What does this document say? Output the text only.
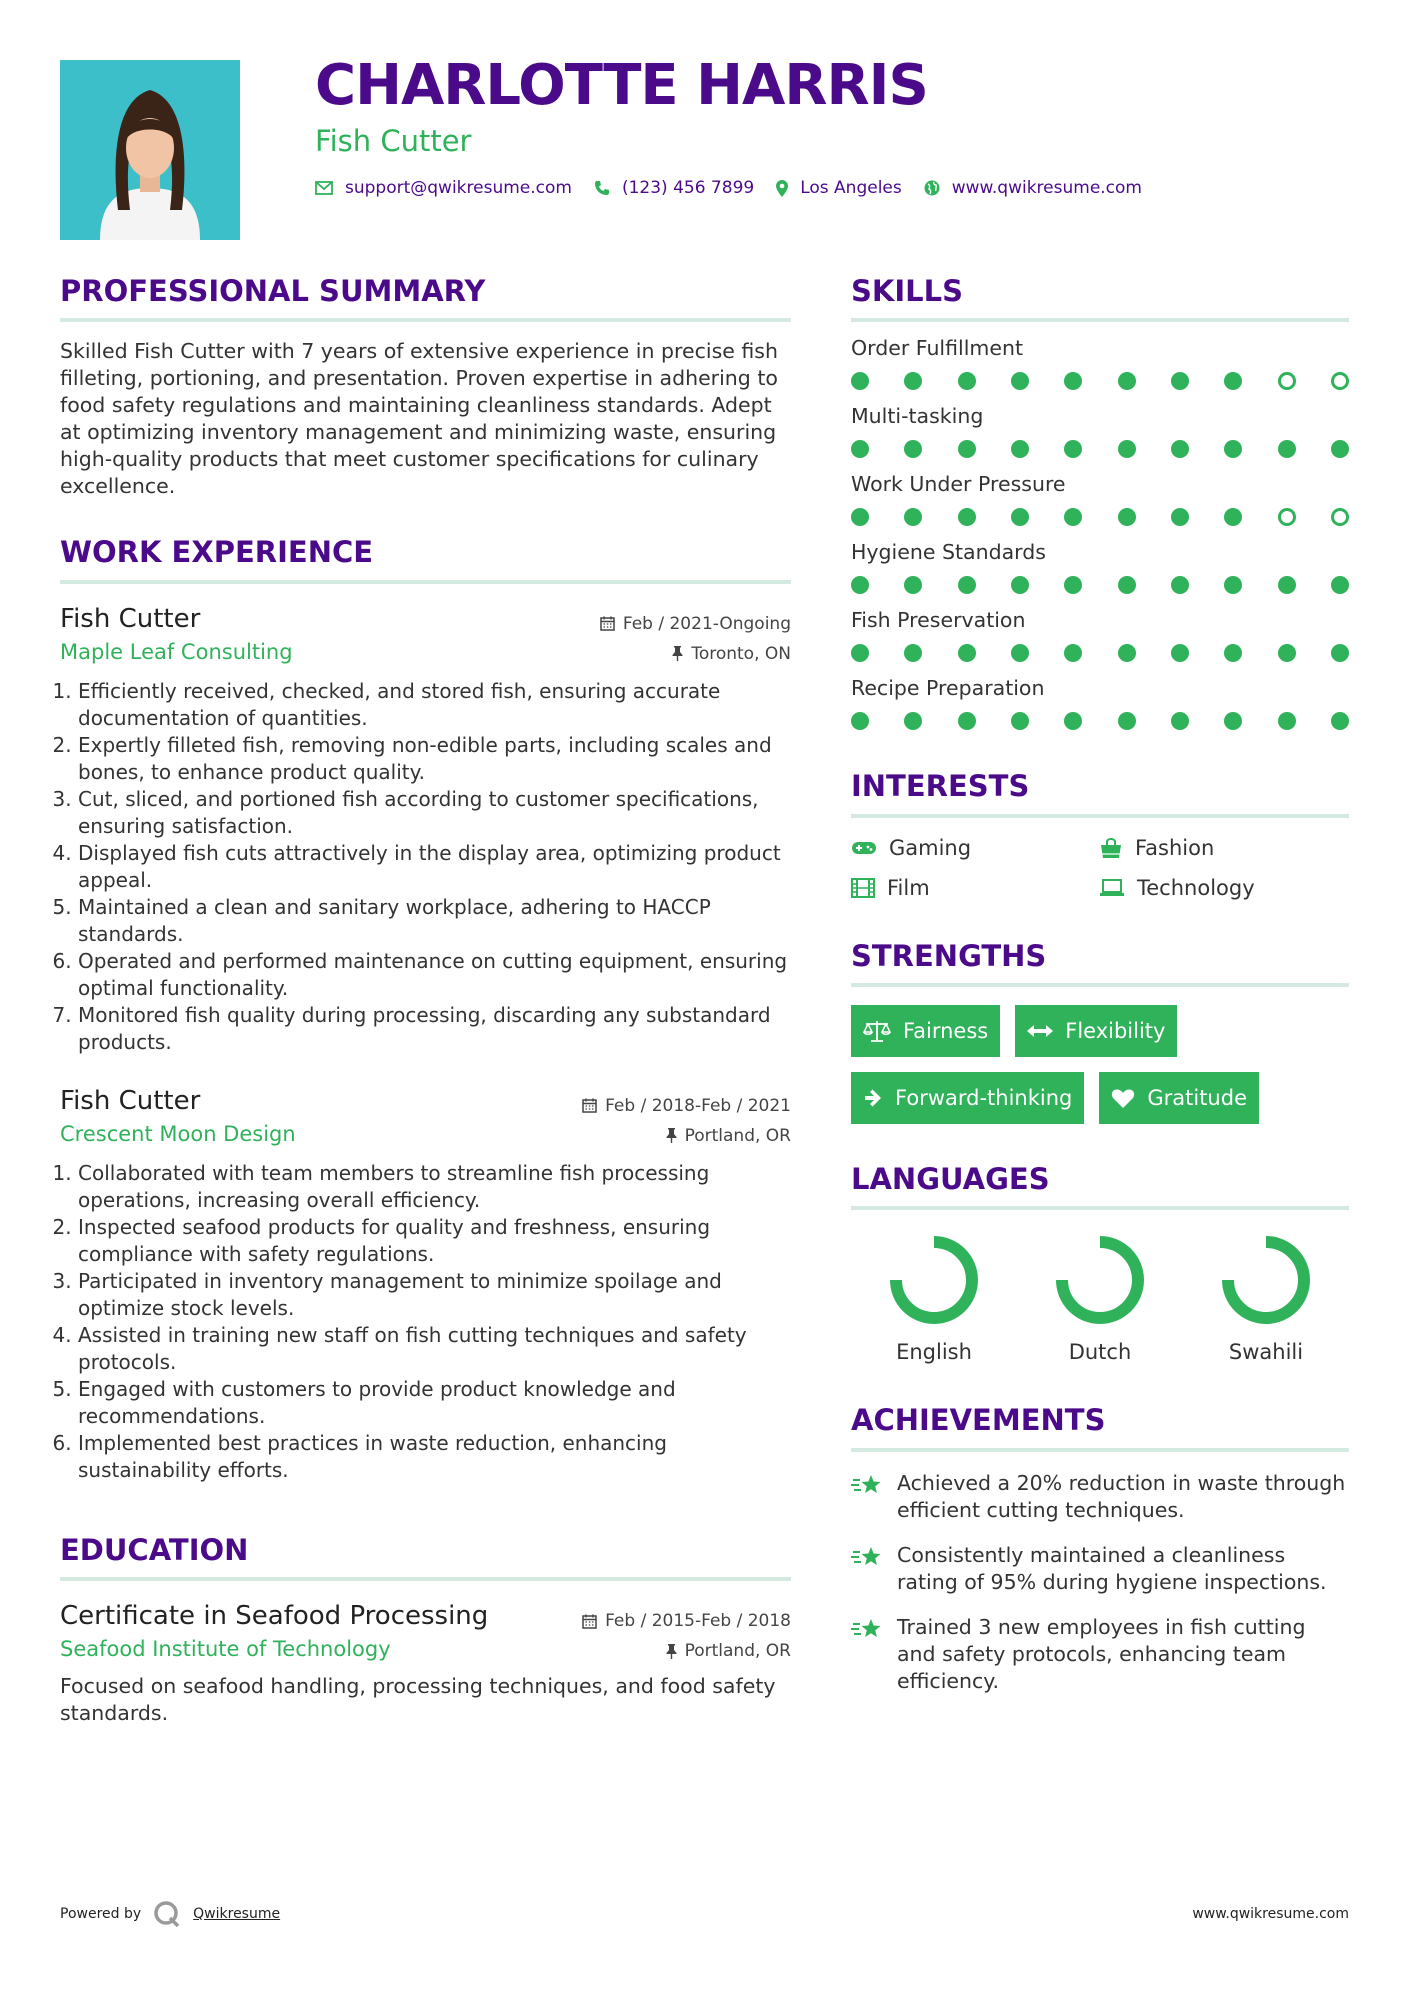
CHARLOTTE HARRIS
Fish Cutter
support@qwikresume.com	(123) 456 7899	Los Angeles	www.qwikresume.com
PROFESSIONAL SUMMARY
Skilled Fish Cutter with 7 years of extensive experience in precise fish filleting, portioning, and presentation. Proven expertise in adhering to food safety regulations and maintaining cleanliness standards. Adept at optimizing inventory management and minimizing waste, ensuring high-quality products that meet customer specifications for culinary excellence.
WORK EXPERIENCE
Fish Cutter	Feb / 2021-Ongoing
Maple Leaf Consulting	Toronto, ON
1. Efficiently received, checked, and stored fish, ensuring accurate documentation of quantities.
2. Expertly filleted fish, removing non-edible parts, including scales and bones, to enhance product quality.
3. Cut, sliced, and portioned fish according to customer specifications, ensuring satisfaction.
4. Displayed fish cuts attractively in the display area, optimizing product appeal.
5. Maintained a clean and sanitary workplace, adhering to HACCP standards.
6. Operated and performed maintenance on cutting equipment, ensuring optimal functionality.
7. Monitored fish quality during processing, discarding any substandard products.
Fish Cutter	Feb / 2018-Feb / 2021
Crescent Moon Design	Portland, OR
1. Collaborated with team members to streamline fish processing operations, increasing overall efficiency.
2. Inspected seafood products for quality and freshness, ensuring compliance with safety regulations.
3. Participated in inventory management to minimize spoilage and optimize stock levels.
4. Assisted in training new staff on fish cutting techniques and safety protocols.
5. Engaged with customers to provide product knowledge and recommendations.
6. Implemented best practices in waste reduction, enhancing sustainability efforts.
EDUCATION
Certificate in Seafood Processing	Feb / 2015-Feb / 2018
Seafood Institute of Technology	Portland, OR
Focused on seafood handling, processing techniques, and food safety standards.
SKILLS
Order Fulfillment
Multi-tasking
Work Under Pressure
Hygiene Standards
Fish Preservation
Recipe Preparation
INTERESTS
Gaming	Fashion
Film	Technology
STRENGTHS
Fairness	Flexibility
Forward-thinking	Gratitude
LANGUAGES
English	Dutch	Swahili
ACHIEVEMENTS
Achieved a 20% reduction in waste through efficient cutting techniques.
Consistently maintained a cleanliness rating of 95% during hygiene inspections.
Trained 3 new employees in fish cutting and safety protocols, enhancing team efficiency.
Powered by	Qwikresume	www.qwikresume.com
